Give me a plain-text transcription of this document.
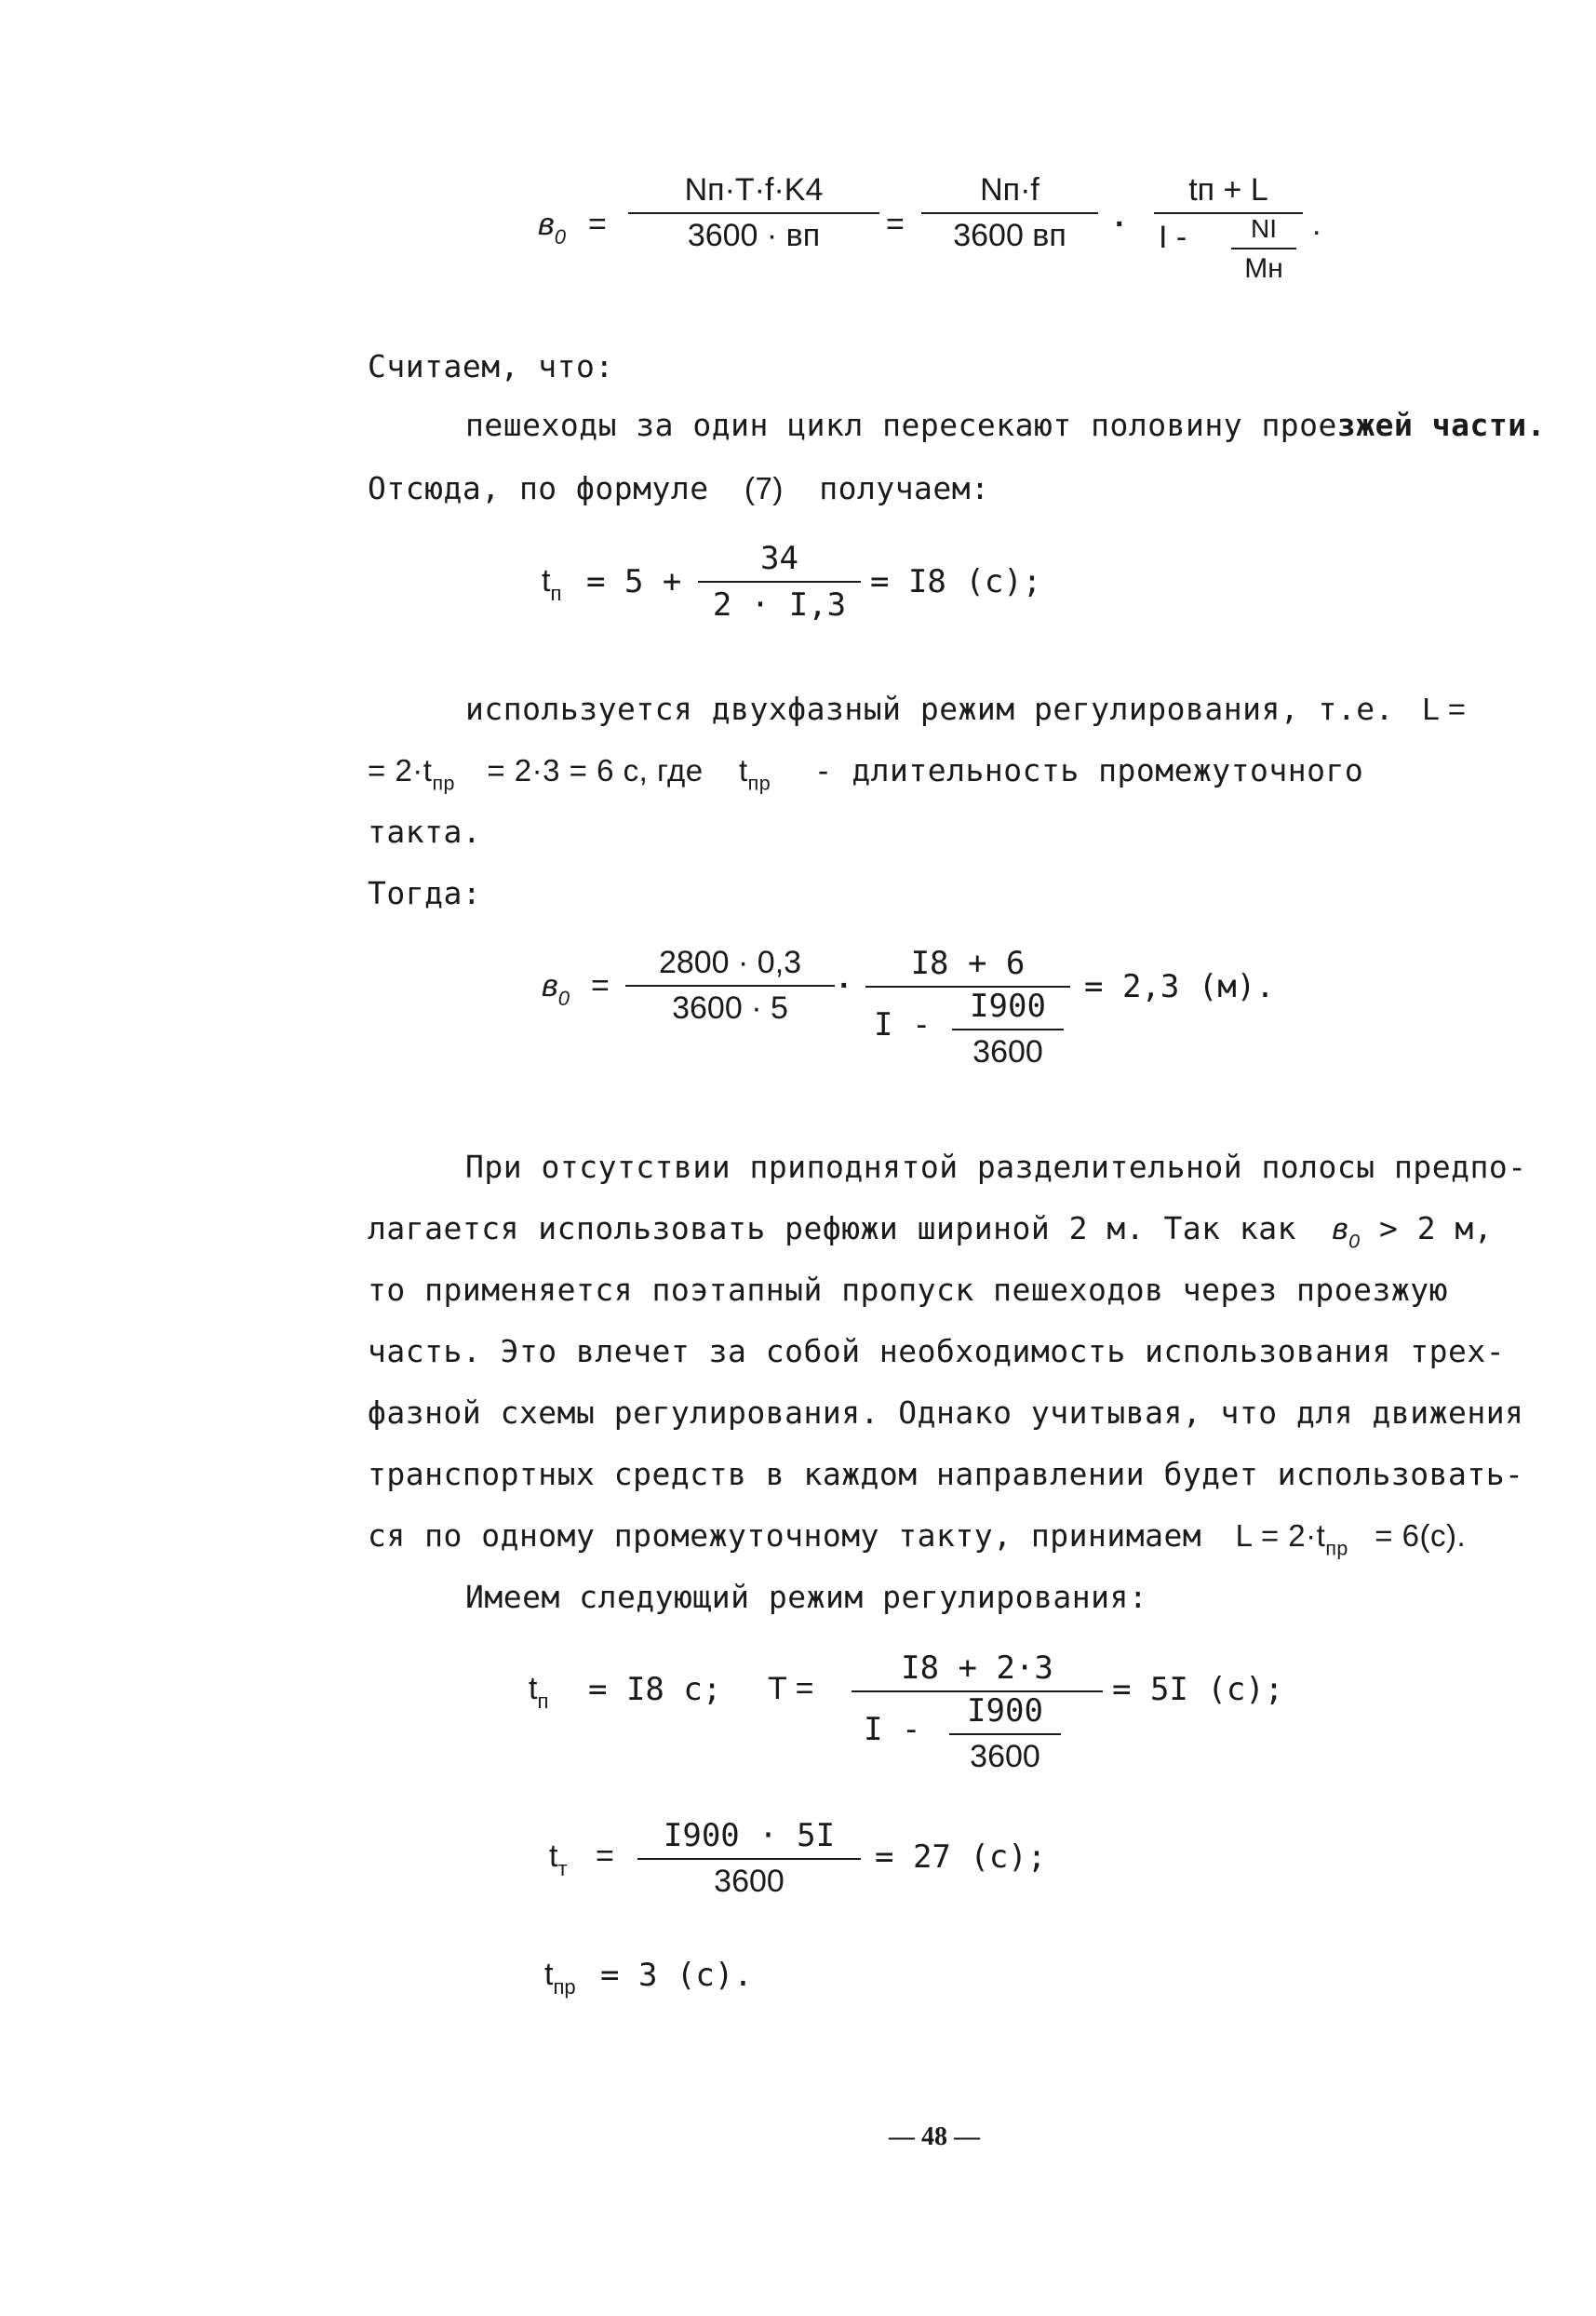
$в_0$ =
Nп·T·f·K4
3600 · вп =
Nп·f
3600 вп ·
tп + L
I -	NI
Mн
.
Считаем, что:
пешеходы за один цикл пересекают половину проезжей части.
Отсюда, по формуле (7) получаем:
$t_п = 5 + \frac{34}{2 \cdot I,3} = I8$ (с);
используется двухфазный режим регулирования, т.е. L =
= $2\cdot t_{пр} = 2\cdot 3 = 6$ с, где $t_{пр}$ - длительность промежуточного
такта.
Тогда:
$в_0 = \frac{2800 \cdot 0,3}{3600 \cdot 5} \cdot \frac{I8 + 6}{I - \frac{I900}{3600}} = 2,3$ (м).
При отсутствии приподнятой разделительной полосы предпо-
лагается использовать рефюжи шириной 2 м. Так как $в_0 > 2$ м,
то применяется поэтапный пропуск пешеходов через проезжую
часть. Это влечет за собой необходимость использования трех-
фазной схемы регулирования. Однако учитывая, что для движения
транспортных средств в каждом направлении будет использовать-
ся по одному промежуточному такту, принимаем $L = 2\cdot t_{пр} = 6(с)$.
Имеем следующий режим регулирования:
$t_п = I8$ с; $T = \frac{I8 + 2\cdot 3}{I - \frac{I900}{3600}} = 5I$ (с);
$t_т = \frac{I900 \cdot 5I}{3600} = 27$ (с);
$t_{пр} = 3$ (с).
— 48 —
